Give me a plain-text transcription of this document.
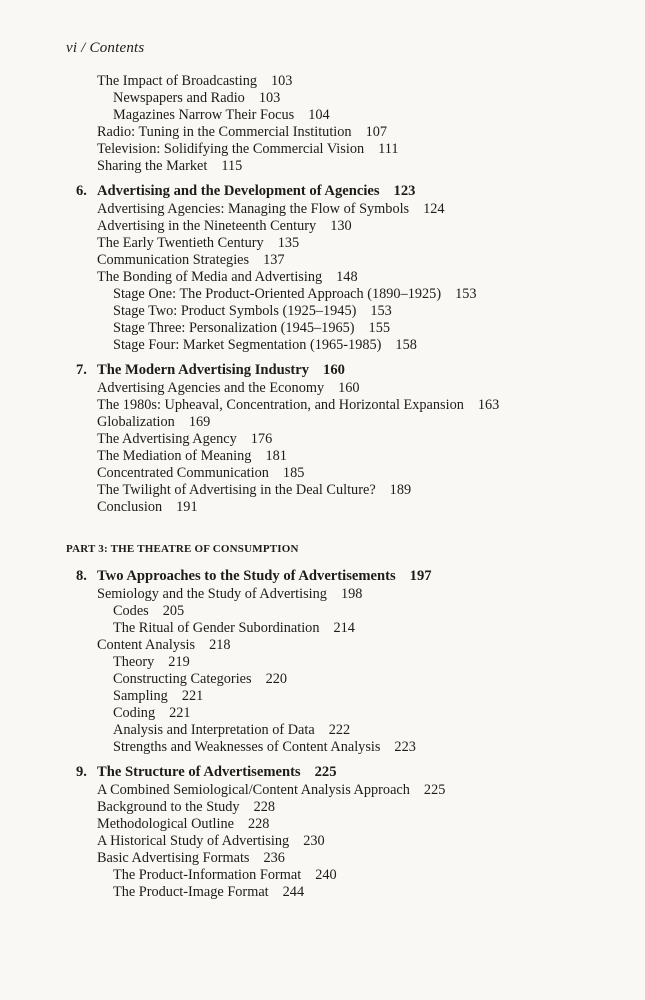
vi / Contents
The Impact of Broadcasting 103
Newspapers and Radio 103
Magazines Narrow Their Focus 104
Radio: Tuning in the Commercial Institution 107
Television: Solidifying the Commercial Vision 111
Sharing the Market 115
6. Advertising and the Development of Agencies 123
Advertising Agencies: Managing the Flow of Symbols 124
Advertising in the Nineteenth Century 130
The Early Twentieth Century 135
Communication Strategies 137
The Bonding of Media and Advertising 148
Stage One: The Product-Oriented Approach (1890–1925) 153
Stage Two: Product Symbols (1925–1945) 153
Stage Three: Personalization (1945–1965) 155
Stage Four: Market Segmentation (1965-1985) 158
7. The Modern Advertising Industry 160
Advertising Agencies and the Economy 160
The 1980s: Upheaval, Concentration, and Horizontal Expansion 163
Globalization 169
The Advertising Agency 176
The Mediation of Meaning 181
Concentrated Communication 185
The Twilight of Advertising in the Deal Culture? 189
Conclusion 191
PART 3: THE THEATRE OF CONSUMPTION
8. Two Approaches to the Study of Advertisements 197
Semiology and the Study of Advertising 198
Codes 205
The Ritual of Gender Subordination 214
Content Analysis 218
Theory 219
Constructing Categories 220
Sampling 221
Coding 221
Analysis and Interpretation of Data 222
Strengths and Weaknesses of Content Analysis 223
9. The Structure of Advertisements 225
A Combined Semiological/Content Analysis Approach 225
Background to the Study 228
Methodological Outline 228
A Historical Study of Advertising 230
Basic Advertising Formats 236
The Product-Information Format 240
The Product-Image Format 244
